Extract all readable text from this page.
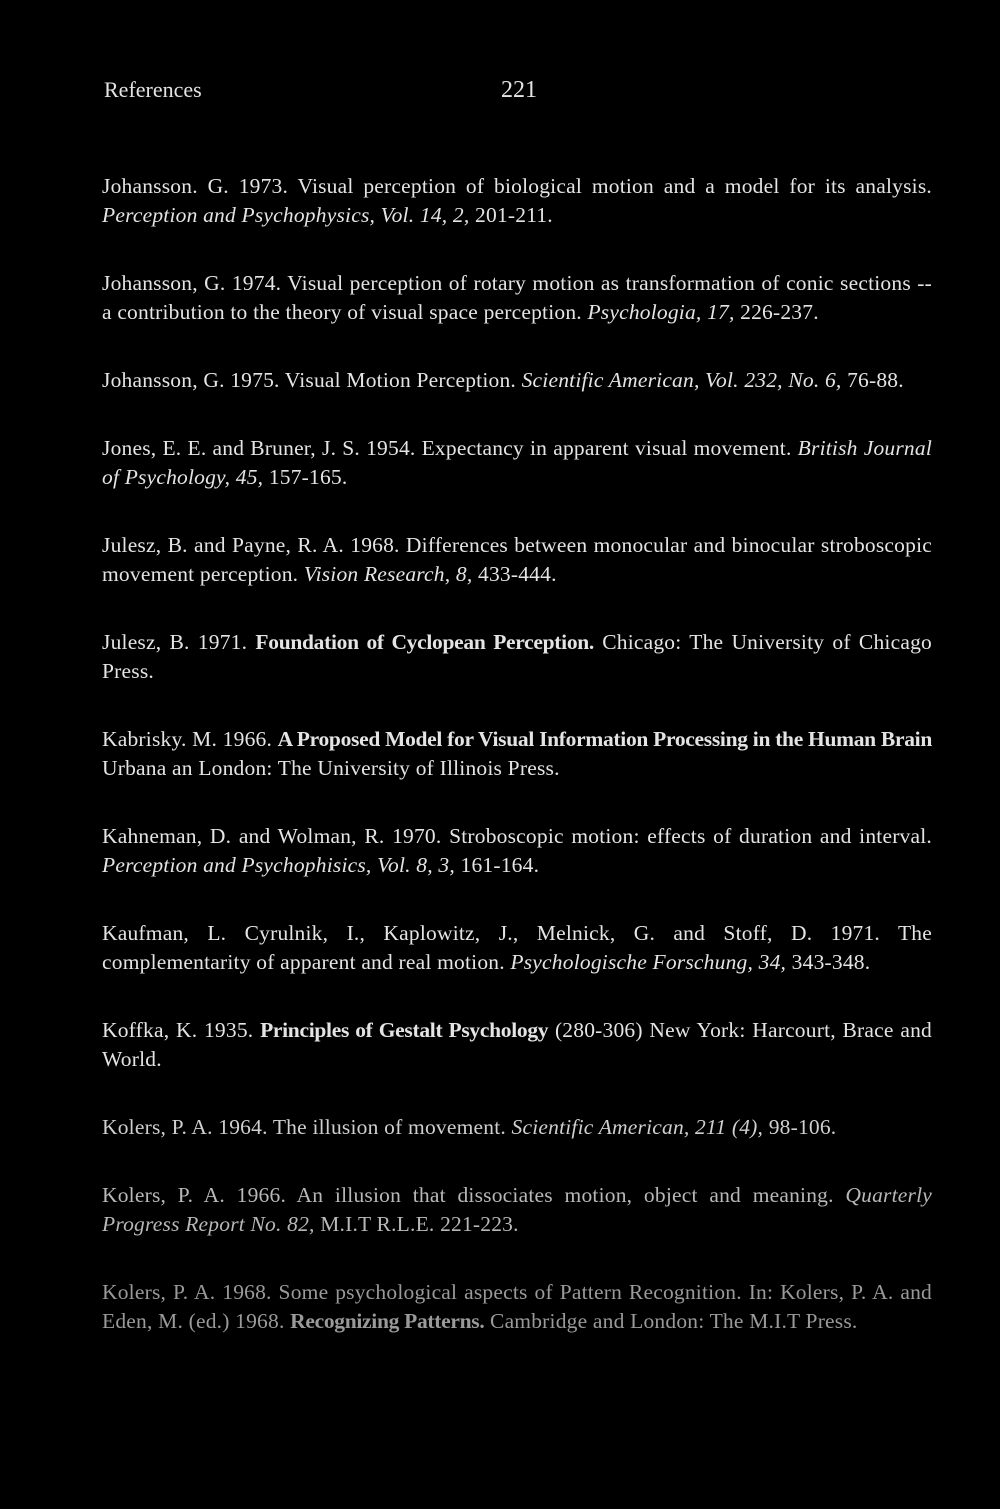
References	221

Johansson. G. 1973. Visual perception of biological motion and a model for its analysis. Perception and Psychophysics, Vol. 14, 2, 201-211.

Johansson, G. 1974. Visual perception of rotary motion as transformation of conic sections -- a contribution to the theory of visual space perception. Psychologia, 17, 226-237.

Johansson, G. 1975. Visual Motion Perception. Scientific American, Vol. 232, No. 6, 76-88.

Jones, E. E. and Bruner, J. S. 1954. Expectancy in apparent visual movement. British Journal of Psychology, 45, 157-165.

Julesz, B. and Payne, R. A. 1968. Differences between monocular and binocular stroboscopic movement perception. Vision Research, 8, 433-444.

Julesz, B. 1971. Foundation of Cyclopean Perception. Chicago: The University of Chicago Press.

Kabrisky. M. 1966. A Proposed Model for Visual Information Processing in the Human Brain Urbana an London: The University of Illinois Press.

Kahneman, D. and Wolman, R. 1970. Stroboscopic motion: effects of duration and interval. Perception and Psychophisics, Vol. 8, 3, 161-164.

Kaufman, L. Cyrulnik, I., Kaplowitz, J., Melnick, G. and Stoff, D. 1971. The complementarity of apparent and real motion. Psychologische Forschung, 34, 343-348.

Koffka, K. 1935. Principles of Gestalt Psychology (280-306) New York: Harcourt, Brace and World.

Kolers, P. A. 1964. The illusion of movement. Scientific American, 211 (4), 98-106.

Kolers, P. A. 1966. An illusion that dissociates motion, object and meaning. Quarterly Progress Report No. 82, M.I.T R.L.E. 221-223.

Kolers, P. A. 1968. Some psychological aspects of Pattern Recognition. In: Kolers, P. A. and Eden, M. (ed.) 1968. Recognizing Patterns. Cambridge and London: The M.I.T Press.
